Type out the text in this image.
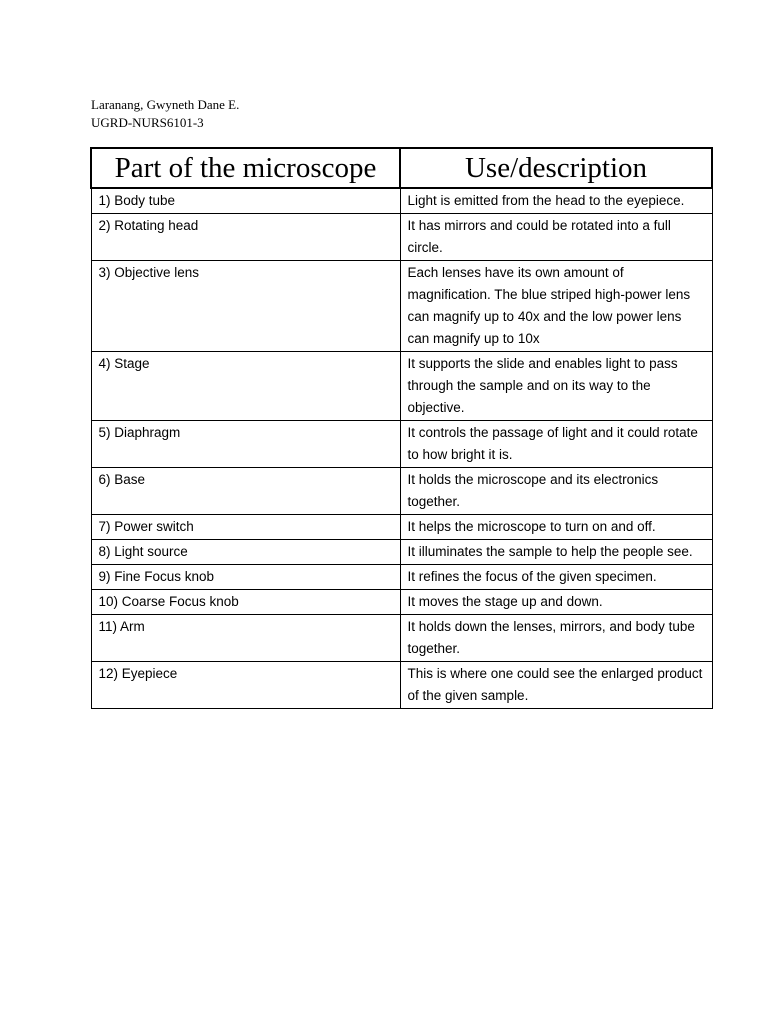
Laranang, Gwyneth Dane E.
UGRD-NURS6101-3
Part of the microscope	Use/description
1) Body tube	Light is emitted from the head to the eyepiece.
2) Rotating head	It has mirrors and could be rotated into a full circle.
3) Objective lens	Each lenses have its own amount of magnification. The blue striped high-power lens can magnify up to 40x and the low power lens can magnify up to 10x
4) Stage	It supports the slide and enables light to pass through the sample and on its way to the objective.
5) Diaphragm	It controls the passage of light and it could rotate to how bright it is.
6) Base	It holds the microscope and its electronics together.
7) Power switch	It helps the microscope to turn on and off.
8) Light source	It illuminates the sample to help the people see.
9) Fine Focus knob	It refines the focus of the given specimen.
10) Coarse Focus knob	It moves the stage up and down.
11) Arm	It holds down the lenses, mirrors, and body tube together.
12) Eyepiece	This is where one could see the enlarged product of the given sample.
